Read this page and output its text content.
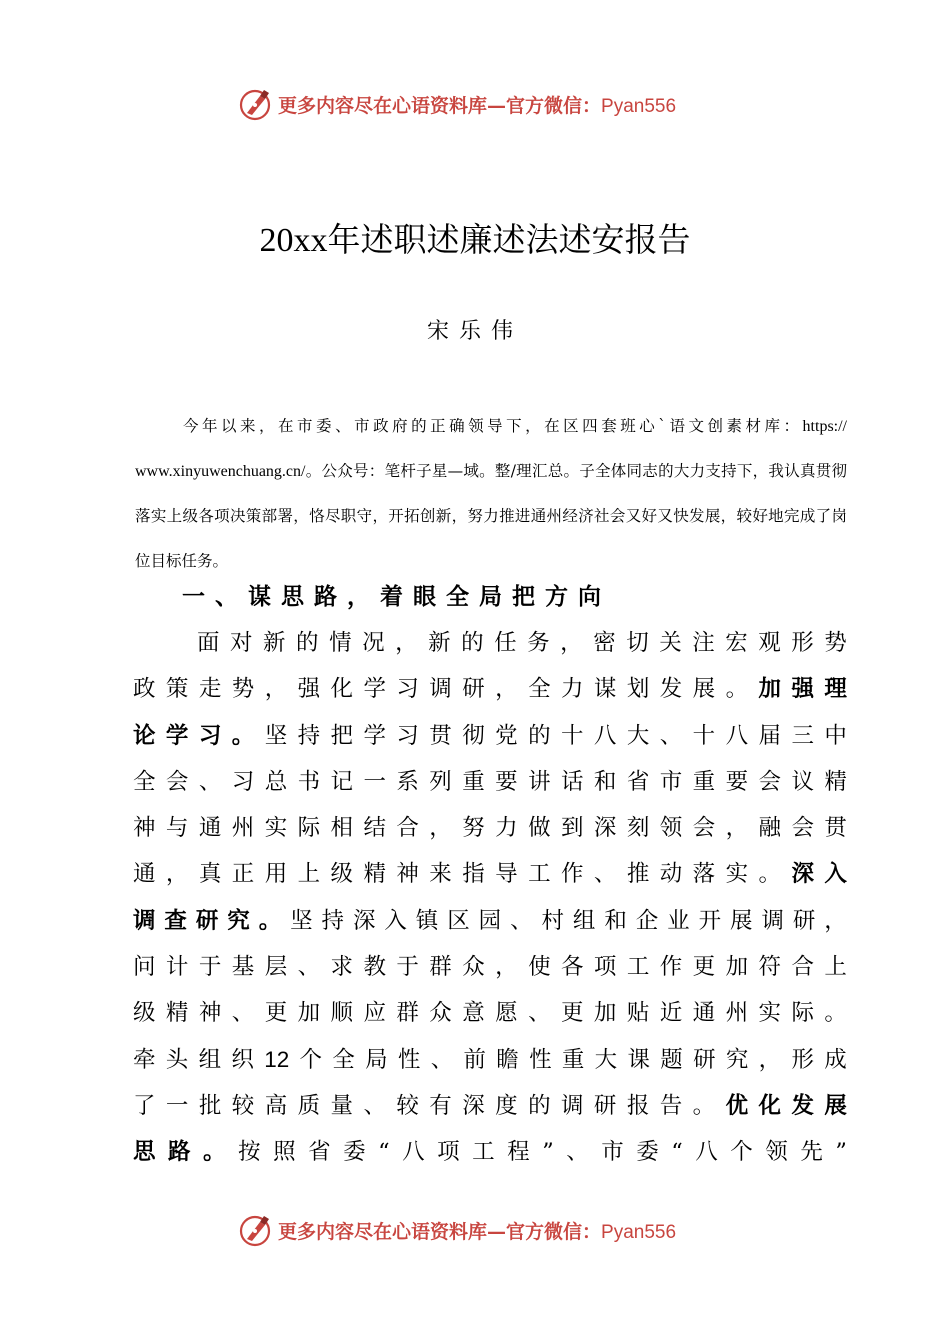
更多内容尽在心语资料库—官方微信：Pyan556
20xx年述职述廉述法述安报告
宋乐伟
今年以来，在市委、市政府的正确领导下，在区四套班心`语文创素材库：https:// www.xinyuwenchuang.cn/。公众号：笔杆子星—域。整/理汇总。子全体同志的大力支持下，我认真贯彻落实上级各项决策部署，恪尽职守，开拓创新，努力推进通州经济社会又好又快发展，较好地完成了岗位目标任务。
一、谋思路，着眼全局把方向
面 对 新 的 情 况 ， 新 的 任 务 ， 密 切 关 注 宏 观 形 势
政 策 走 势 ， 强 化 学 习 调 研 ， 全 力 谋 划 发 展 。 加 强 理
论 学 习 。 坚 持 把 学 习 贯 彻 党 的 十 八 大 、 十 八 届 三 中
全 会 、 习 总 书 记 一 系 列 重 要 讲 话 和 省 市 重 要 会 议 精
神 与 通 州 实 际 相 结 合 ， 努 力 做 到 深 刻 领 会 ， 融 会 贯
通 ， 真 正 用 上 级 精 神 来 指 导 工 作 、 推 动 落 实 。 深 入
调 查 研 究 。 坚 持 深 入 镇 区 园 、 村 组 和 企 业 开 展 调 研 ，
问 计 于 基 层 、 求 教 于 群 众 ， 使 各 项 工 作 更 加 符 合 上
级 精 神 、 更 加 顺 应 群 众 意 愿 、 更 加 贴 近 通 州 实 际 。
牵 头 组 织 12 个 全 局 性 、 前 瞻 性 重 大 课 题 研 究 ， 形 成
了 一 批 较 高 质 量 、 较 有 深 度 的 调 研 报 告 。 优 化 发 展
思 路 。 按 照 省 委 “ 八 项 工 程 ” 、 市 委 “ 八 个 领 先 ”
更多内容尽在心语资料库—官方微信：Pyan556
